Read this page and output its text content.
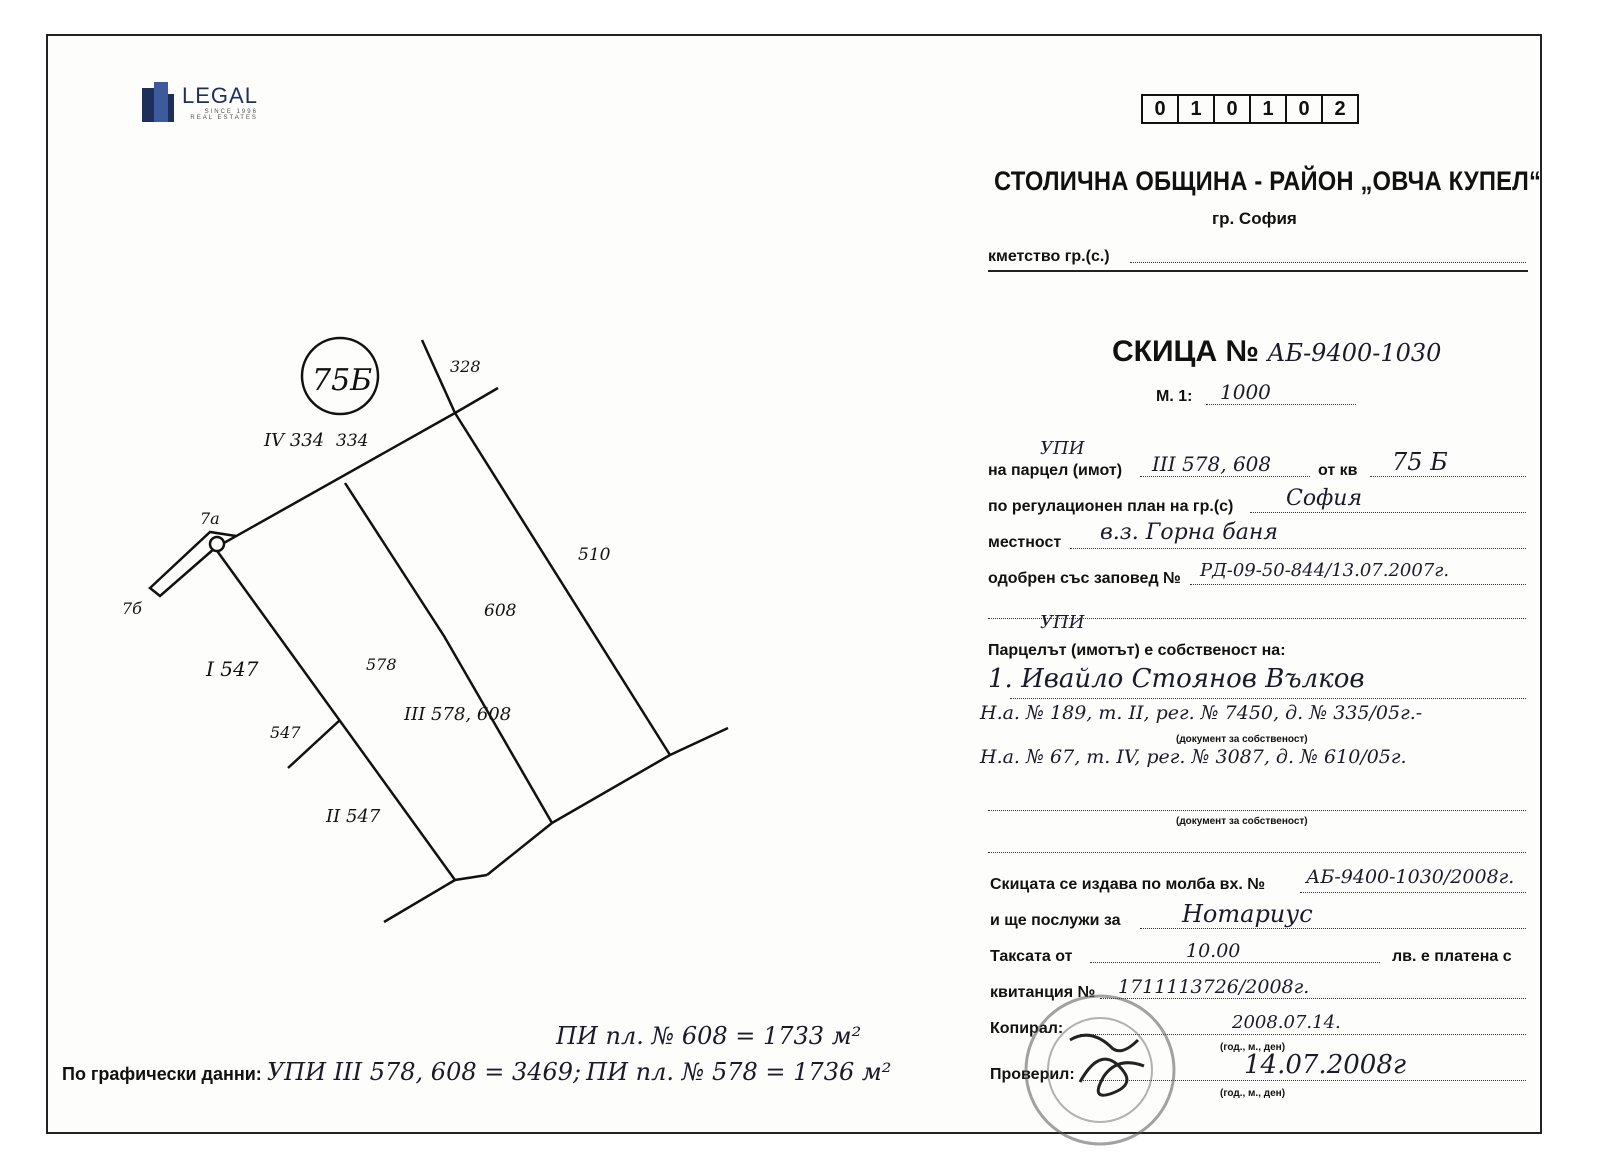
LEGAL
SINCE 1996
REAL ESTATES	0	1	0	1	0	2
СТОЛИЧНА ОБЩИНА - РАЙОН „ОВЧА КУПЕЛ“
гр. София
кметство гр.(с.)
СКИЦА № АБ-9400-1030
М. 1: 1000
УПИ
на парцел (имот) III 578, 608	от кв 75 Б
по регулационен план на гр.(с) София
местност в.з. Горна баня
одобрен със заповед № РД-09-50-844/13.07.2007г.
УПИ
Парцелът (имотът) е собственост на:
1. Ивайло Стоянов Вълков
Н.а. № 189, т. II, рег. № 7450, д. № 335/05г.-
(документ за собственост)
Н.а. № 67, т. IV, рег. № 3087, д. № 610/05г.
(документ за собственост)
Скицата се издава по молба вх. № АБ-9400-1030/2008г.
и ще послужи за	Нотариус
Таксата от	10.00	лв. е платена с
квитанция № 1711113726/2008г.
Копирал:	2008.07.14.
(год., м., ден)
Проверил:	14.07.2008г
(год., м., ден)
75Б	328
IV 334 334
510
608
578
III 578, 608
I 547
547
II 547
7а
7б
ПИ пл. № 608 = 1733 м²
По графически данни: УПИ III 578, 608 = 3469; ПИ пл. № 578 = 1736 м²
